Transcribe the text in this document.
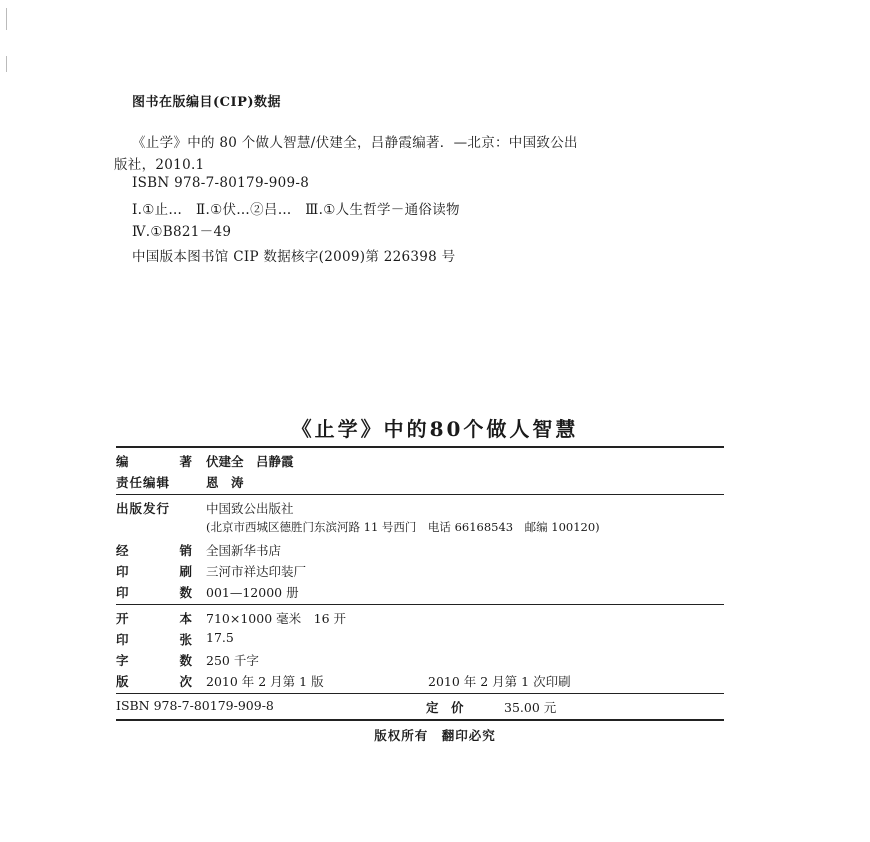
图书在版编目(CIP)数据
《止学》中的 80 个做人智慧/伏建全，吕静霞编著．—北京：中国致公出
版社，2010.1
ISBN 978-7-80179-909-8
Ⅰ.①止…　Ⅱ.①伏…②吕…　Ⅲ.①人生哲学－通俗读物
Ⅳ.①B821－49
中国版本图书馆 CIP 数据核字(2009)第 226398 号
《止学》中的80个做人智慧
编	著 伏建全　吕静霞
责任编辑	恩　涛
出版发行	中国致公出版社
(北京市西城区德胜门东滨河路 11 号西门　电话 66168543　邮编 100120)
经	销 全国新华书店
印	刷 三河市祥达印装厂
印	数 001—12000 册
开	本 710×1000 毫米　16 开
印	张 17.5
字	数 250 千字
版	次 2010 年 2 月第 1 版	2010 年 2 月第 1 次印刷
ISBN 978-7-80179-909-8	定　价	35.00 元
版权所有　翻印必究
